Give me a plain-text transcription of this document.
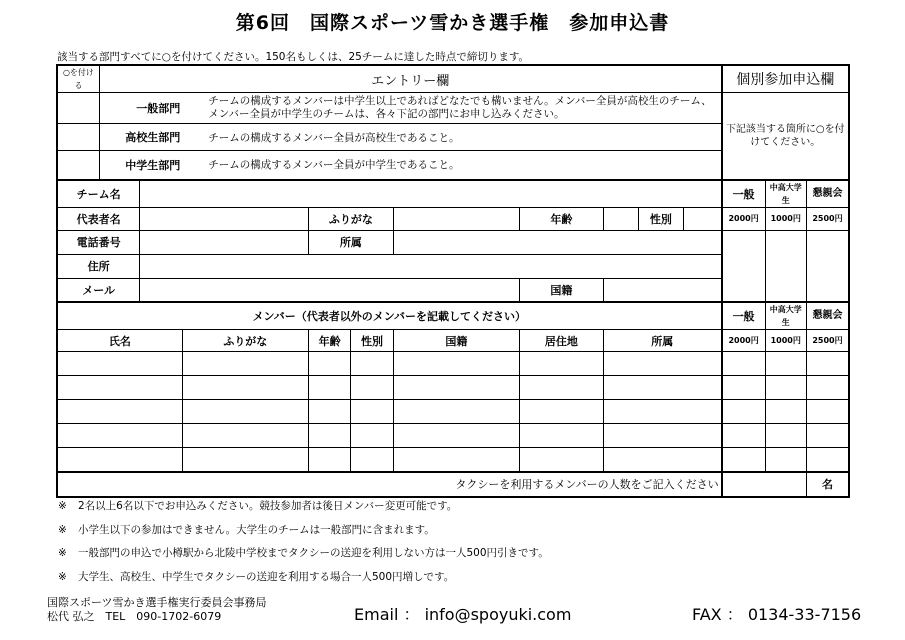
第6回　国際スポーツ雪かき選手権　参加申込書
該当する部門すべてに○を付けてください。150名もしくは、25チームに達した時点で締切ります。
○を付ける	エントリー欄										個別参加申込欄		
	一般部門		チームの構成するメンバーは中学生以上であればどなたでも構いません。メンバー全員が高校生のチーム、メンバー全員が中学生のチームは、各々下記の部門にお申し込みください。								下記該当する箇所に○を付けてください。		
	高校生部門		チームの構成するメンバー全員が高校生であること。										
	中学生部門		チームの構成するメンバー全員が中学生であること。										
チーム名											一般	中高大学生	懇親会
代表者名				ふりがな			年齢		性別		2000円	1000円	2500円
電話番号				所属									
住所													
メール							国籍						
メンバー（代表者以外のメンバーを記載してください）											一般	中高大学生	懇親会
氏名			ふりがな	年齢	性別	国籍	居住地	所属			2000円	1000円	2500円

タクシーを利用するメンバーの人数をご記入ください													名
※ 2名以上6名以下でお申込みください。競技参加者は後日メンバー変更可能です。
※ 小学生以下の参加はできません。大学生のチームは一般部門に含まれます。
※ 一般部門の申込で小樽駅から北陵中学校までタクシーの送迎を利用しない方は一人500円引きです。
※ 大学生、高校生、中学生でタクシーの送迎を利用する場合一人500円増しです。
国際スポーツ雪かき選手権実行委員会事務局
松代 弘之　TEL　090-1702-6079	Email ： info@spoyuki.com	FAX ： 0134-33-7156
